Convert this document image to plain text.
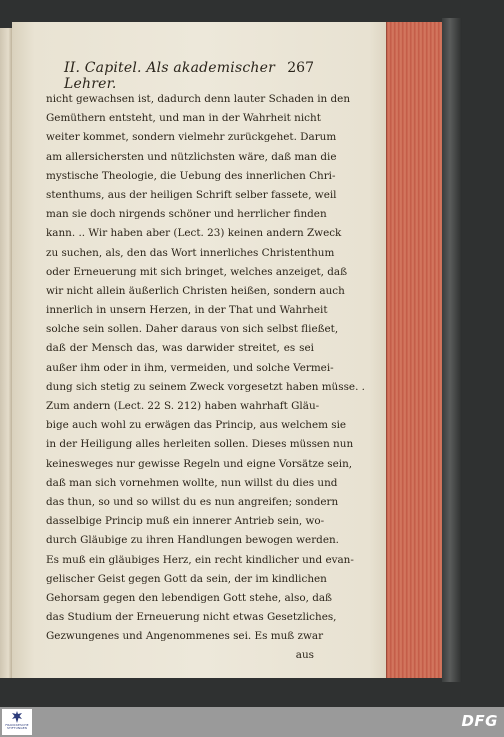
II. Capitel. Als akademischer Lehrer.
267
nicht gewachsen ist, dadurch denn lauter Schaden in den
Gemüthern entsteht, und man in der Wahrheit nicht
weiter kommet, sondern vielmehr zurückgehet. Darum
am allersichersten und nützlichsten wäre, daß man die
mystische Theologie, die Uebung des innerlichen Chri-
stenthums, aus der heiligen Schrift selber fassete, weil
man sie doch nirgends schöner und herrlicher finden
kann. .. Wir haben aber (Lect. 23) keinen andern Zweck
zu suchen, als, den das Wort innerliches Christenthum
oder Erneuerung mit sich bringet, welches anzeiget, daß
wir nicht allein äußerlich Christen heißen, sondern auch
innerlich in unsern Herzen, in der That und Wahrheit
solche sein sollen. Daher daraus von sich selbst fließet,
daß der Mensch das, was darwider streitet, es sei
außer ihm oder in ihm, vermeiden, und solche Vermei-
dung sich stetig zu seinem Zweck vorgesetzt haben müsse. .
Zum andern (Lect. 22 S. 212) haben wahrhaft Gläu-
bige auch wohl zu erwägen das Princip, aus welchem sie
in der Heiligung alles herleiten sollen. Dieses müssen nun
keinesweges nur gewisse Regeln und eigne Vorsätze sein,
daß man sich vornehmen wollte, nun willst du dies und
das thun, so und so willst du es nun angreifen; sondern
dasselbige Princip muß ein innerer Antrieb sein, wo-
durch Gläubige zu ihren Handlungen bewogen werden.
Es muß ein gläubiges Herz, ein recht kindlicher und evan-
gelischer Geist gegen Gott da sein, der im kindlichen
Gehorsam gegen den lebendigen Gott stehe, also, daß
das Studium der Erneuerung nicht etwas Gesetzliches,
Gezwungenes und Angenommenes sei. Es muß zwar
aus
FRANCKESCHE
STIFTUNGEN	DFG
